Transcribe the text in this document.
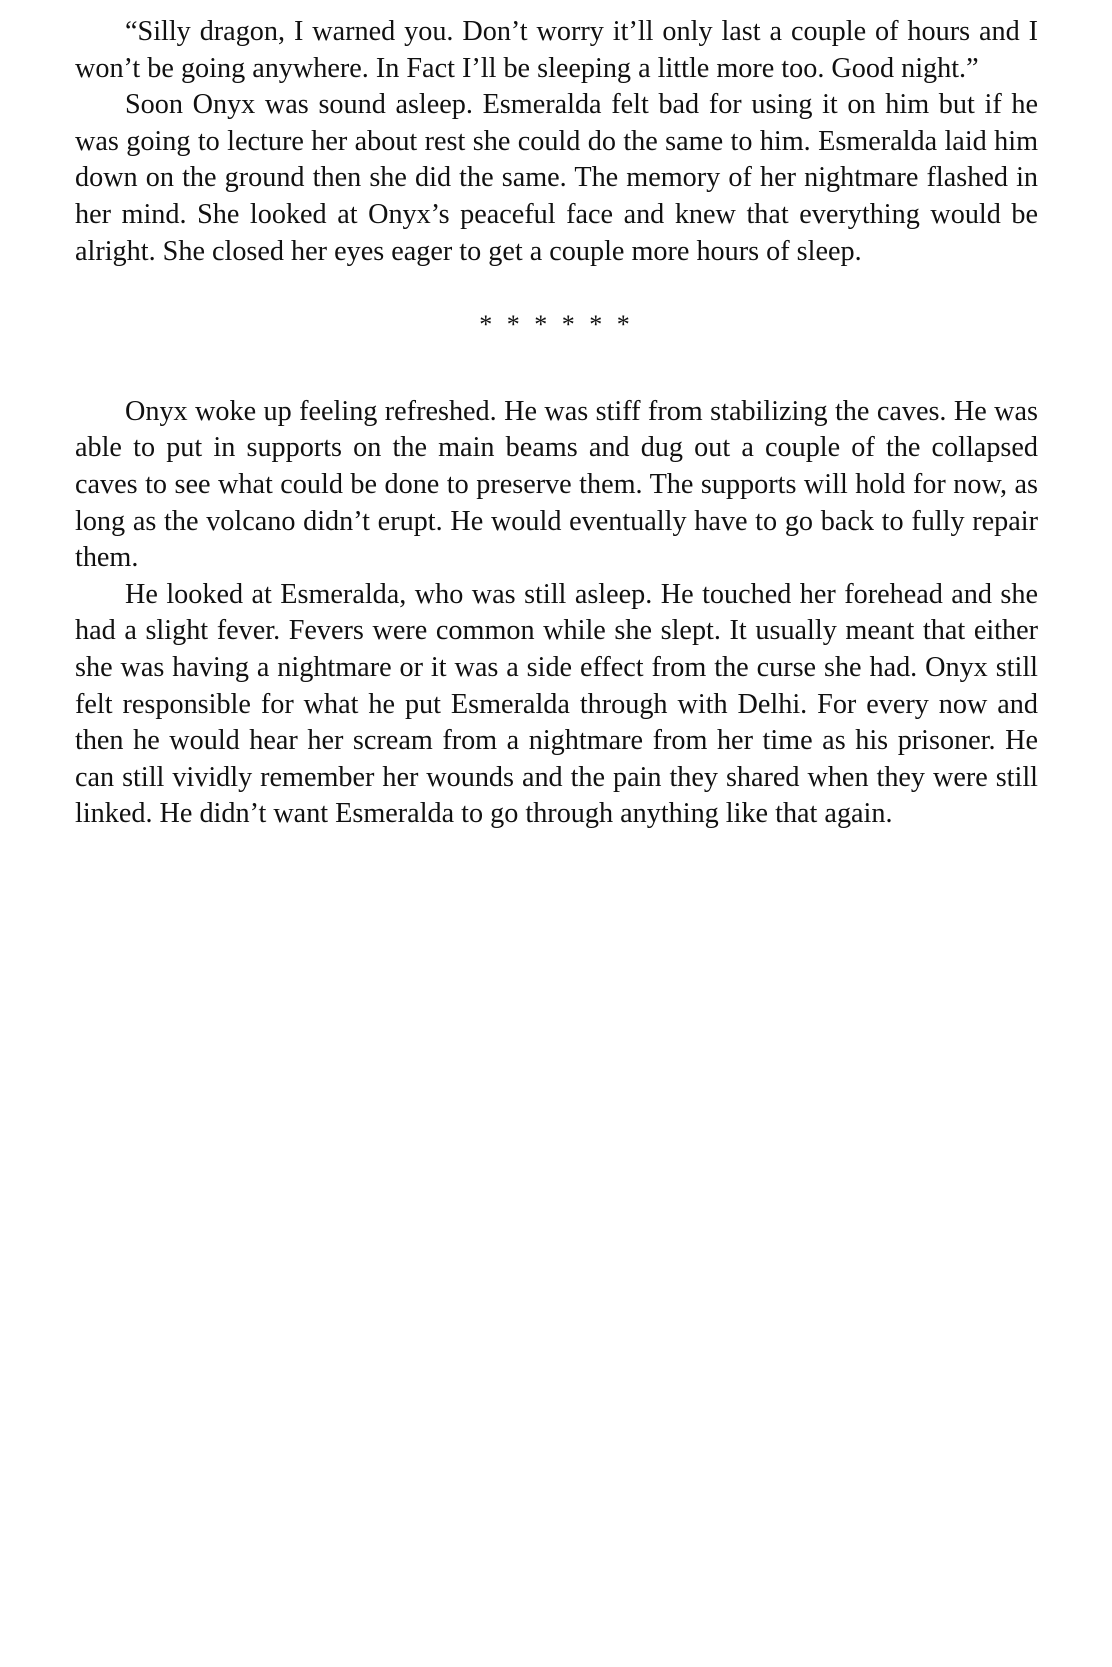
“Silly dragon, I warned you. Don’t worry it’ll only last a couple of hours and I won’t be going anywhere. In Fact I’ll be sleeping a little more too. Good night.”

Soon Onyx was sound asleep. Esmeralda felt bad for using it on him but if he was going to lecture her about rest she could do the same to him. Esmeralda laid him down on the ground then she did the same. The memory of her nightmare flashed in her mind. She looked at Onyx’s peaceful face and knew that everything would be alright. She closed her eyes eager to get a couple more hours of sleep.

* * * * * *

Onyx woke up feeling refreshed. He was stiff from stabilizing the caves. He was able to put in supports on the main beams and dug out a couple of the collapsed caves to see what could be done to preserve them. The supports will hold for now, as long as the volcano didn’t erupt. He would eventually have to go back to fully repair them.

He looked at Esmeralda, who was still asleep. He touched her forehead and she had a slight fever. Fevers were common while she slept. It usually meant that either she was having a nightmare or it was a side effect from the curse she had. Onyx still felt responsible for what he put Esmeralda through with Delhi. For every now and then he would hear her scream from a nightmare from her time as his prisoner. He can still vividly remember her wounds and the pain they shared when they were still linked. He didn’t want Esmeralda to go through anything like that again.
